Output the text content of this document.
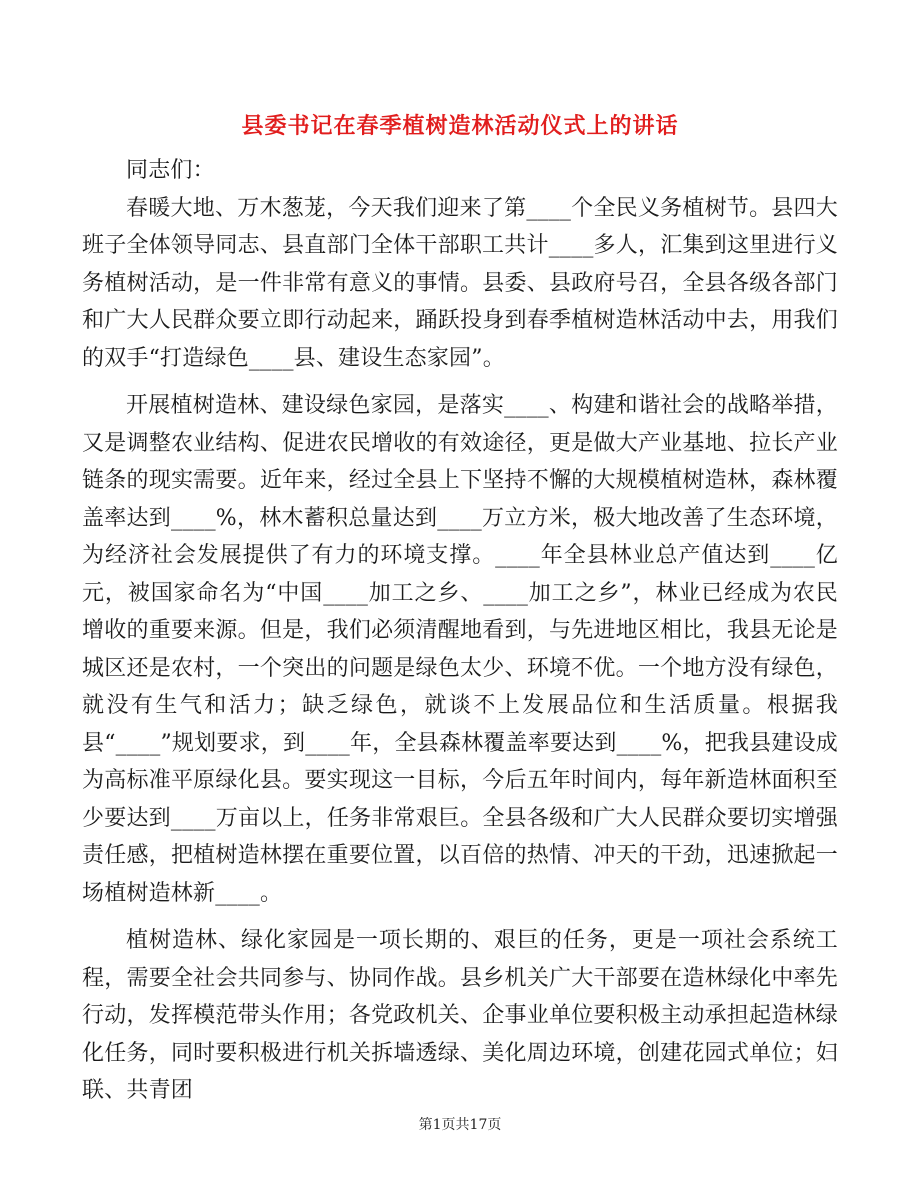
县委书记在春季植树造林活动仪式上的讲话

同志们：

春暖大地、万木葱茏，今天我们迎来了第____个全民义务植树节。县四大班子全体领导同志、县直部门全体干部职工共计____多人，汇集到这里进行义务植树活动，是一件非常有意义的事情。县委、县政府号召，全县各级各部门和广大人民群众要立即行动起来，踊跃投身到春季植树造林活动中去，用我们的双手“打造绿色____县、建设生态家园”。

开展植树造林、建设绿色家园，是落实____、构建和谐社会的战略举措，又是调整农业结构、促进农民增收的有效途径，更是做大产业基地、拉长产业链条的现实需要。近年来，经过全县上下坚持不懈的大规模植树造林，森林覆盖率达到____%，林木蓄积总量达到____万立方米，极大地改善了生态环境，为经济社会发展提供了有力的环境支撑。____年全县林业总产值达到____亿元，被国家命名为“中国____加工之乡、____加工之乡”，林业已经成为农民增收的重要来源。但是，我们必须清醒地看到，与先进地区相比，我县无论是城区还是农村，一个突出的问题是绿色太少、环境不优。一个地方没有绿色，就没有生气和活力；缺乏绿色，就谈不上发展品位和生活质量。根据我县“____”规划要求，到____年，全县森林覆盖率要达到____%，把我县建设成为高标准平原绿化县。要实现这一目标，今后五年时间内，每年新造林面积至少要达到____万亩以上，任务非常艰巨。全县各级和广大人民群众要切实增强责任感，把植树造林摆在重要位置，以百倍的热情、冲天的干劲，迅速掀起一场植树造林新____。

植树造林、绿化家园是一项长期的、艰巨的任务，更是一项社会系统工程，需要全社会共同参与、协同作战。县乡机关广大干部要在造林绿化中率先行动，发挥模范带头作用；各党政机关、企事业单位要积极主动承担起造林绿化任务，同时要积极进行机关拆墙透绿、美化周边环境，创建花园式单位；妇联、共青团

第1页共17页
